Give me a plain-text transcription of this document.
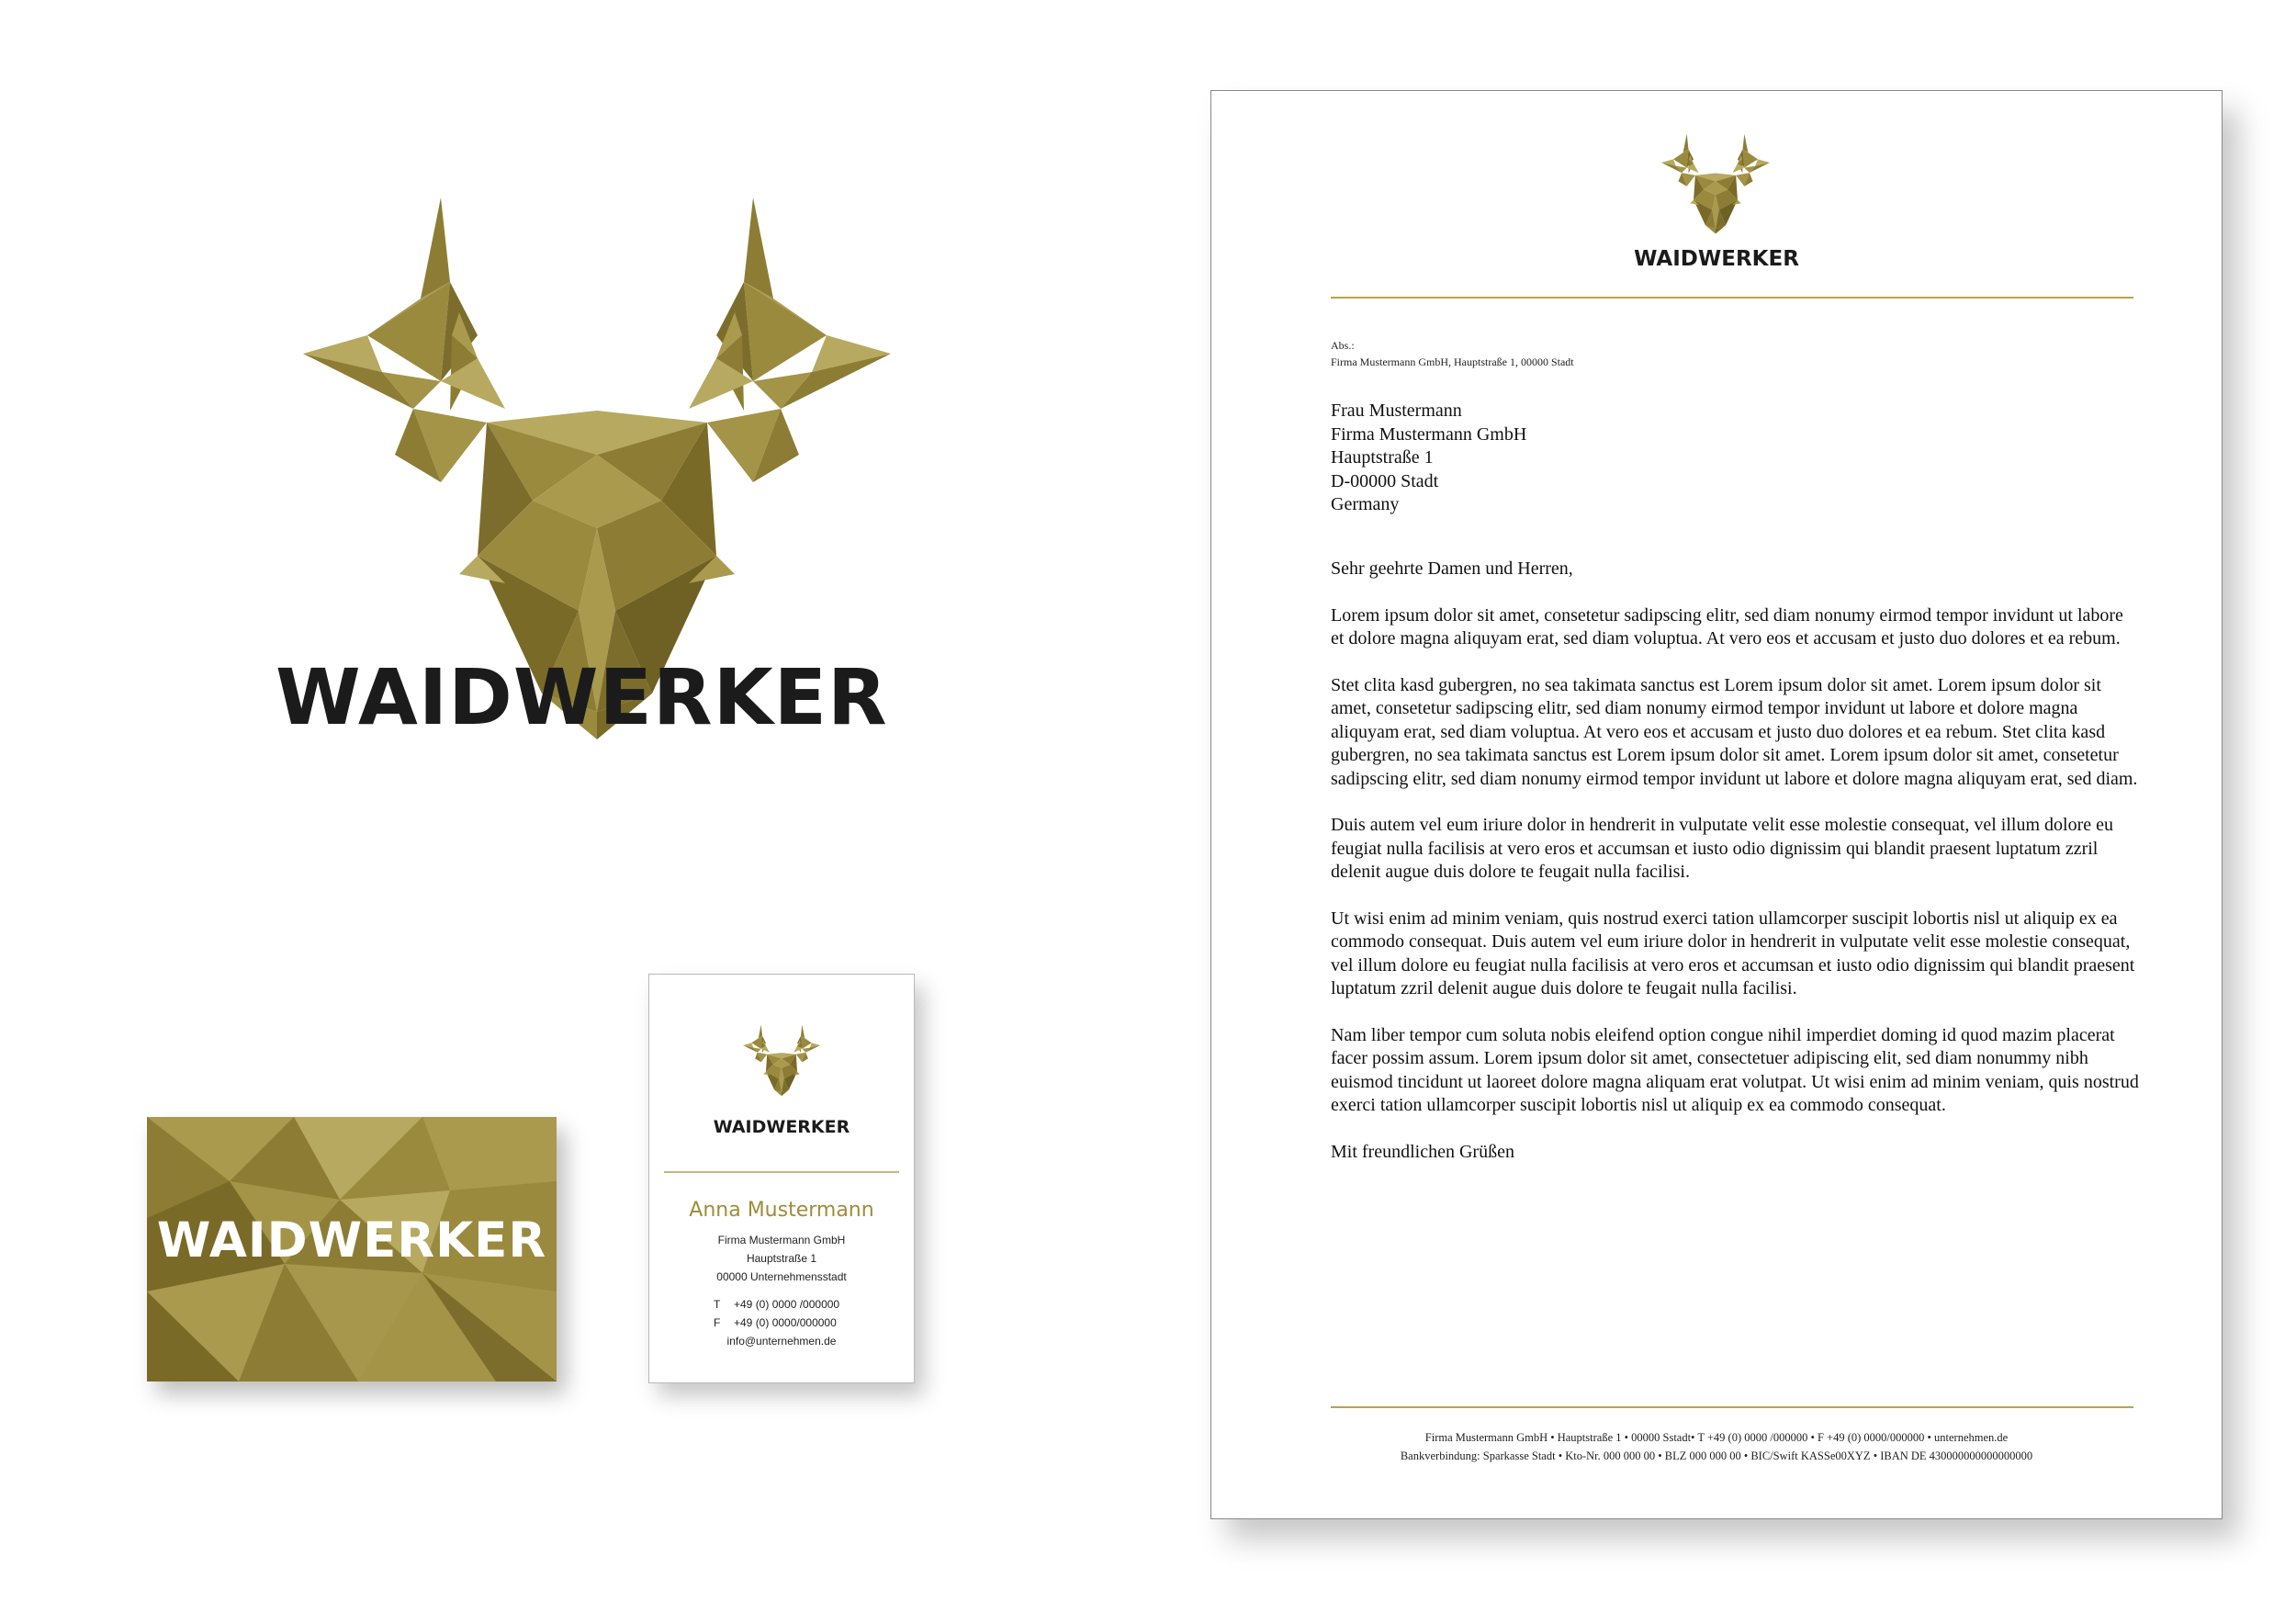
WAIDWERKER
WAIDWERKER
WAIDWERKER
Anna Mustermann
Firma Mustermann GmbH
Hauptstraße 1
00000 Unternehmensstadt
T +49 (0) 0000 /000000
F +49 (0) 0000/000000
info@unternehmen.de
WAIDWERKER
Abs.:
Firma Mustermann GmbH, Hauptstraße 1, 00000 Stadt
Frau Mustermann
Firma Mustermann GmbH
Hauptstraße 1
D-00000 Stadt
Germany

Sehr geehrte Damen und Herren,

Lorem ipsum dolor sit amet, consetetur sadipscing elitr, sed diam nonumy eirmod tempor invidunt ut labore et dolore magna aliquyam erat, sed diam voluptua. At vero eos et accusam et justo duo dolores et ea rebum.

Stet clita kasd gubergren, no sea takimata sanctus est Lorem ipsum dolor sit amet. Lorem ipsum dolor sit amet, consetetur sadipscing elitr, sed diam nonumy eirmod tempor invidunt ut labore et dolore magna aliquyam erat, sed diam voluptua. At vero eos et accusam et justo duo dolores et ea rebum. Stet clita kasd gubergren, no sea takimata sanctus est Lorem ipsum dolor sit amet. Lorem ipsum dolor sit amet, consetetur sadipscing elitr, sed diam nonumy eirmod tempor invidunt ut labore et dolore magna aliquyam erat, sed diam.

Duis autem vel eum iriure dolor in hendrerit in vulputate velit esse molestie consequat, vel illum dolore eu feugiat nulla facilisis at vero eros et accumsan et iusto odio dignissim qui blandit praesent luptatum zzril delenit augue duis dolore te feugait nulla facilisi.

Ut wisi enim ad minim veniam, quis nostrud exerci tation ullamcorper suscipit lobortis nisl ut aliquip ex ea commodo consequat. Duis autem vel eum iriure dolor in hendrerit in vulputate velit esse molestie consequat, vel illum dolore eu feugiat nulla facilisis at vero eros et accumsan et iusto odio dignissim qui blandit praesent luptatum zzril delenit augue duis dolore te feugait nulla facilisi.

Nam liber tempor cum soluta nobis eleifend option congue nihil imperdiet doming id quod mazim placerat facer possim assum. Lorem ipsum dolor sit amet, consectetuer adipiscing elit, sed diam nonummy nibh euismod tincidunt ut laoreet dolore magna aliquam erat volutpat. Ut wisi enim ad minim veniam, quis nostrud exerci tation ullamcorper suscipit lobortis nisl ut aliquip ex ea commodo consequat.

Mit freundlichen Grüßen

Firma Mustermann GmbH • Hauptstraße 1 • 00000 Sstadt• T +49 (0) 0000 /000000 • F +49 (0) 0000/000000 • unternehmen.de
Bankverbindung: Sparkasse Stadt • Kto-Nr. 000 000 00 • BLZ 000 000 00 • BIC/Swift KASSe00XYZ • IBAN DE 430000000000000000
